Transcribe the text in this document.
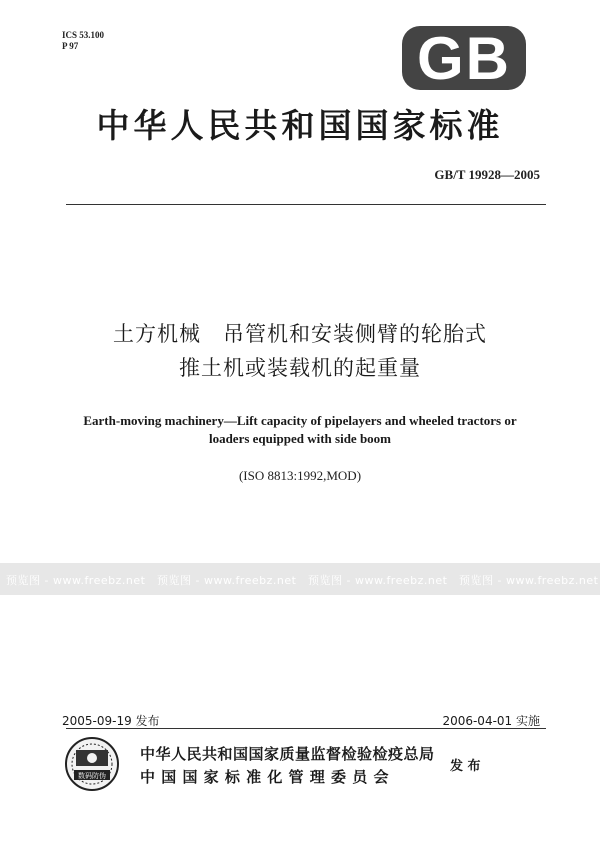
ICS 53.100
P 97	GB
中华人民共和国国家标准
GB/T 19928—2005
土方机械　吊管机和安装侧臂的轮胎式
推土机或装载机的起重量
Earth-moving machinery—Lift capacity of pipelayers and wheeled tractors or
loaders equipped with side boom
(ISO 8813:1992,MOD)
预览图 - www.freebz.net 预览图 - www.freebz.net 预览图 - www.freebz.net 预览图 - www.freebz.net
2005-09-19 发布	2006-04-01 实施
数码防伪
中华人民共和国国家质量监督检验检疫总局
中 国 国 家 标 准 化 管 理 委 员 会
发 布
